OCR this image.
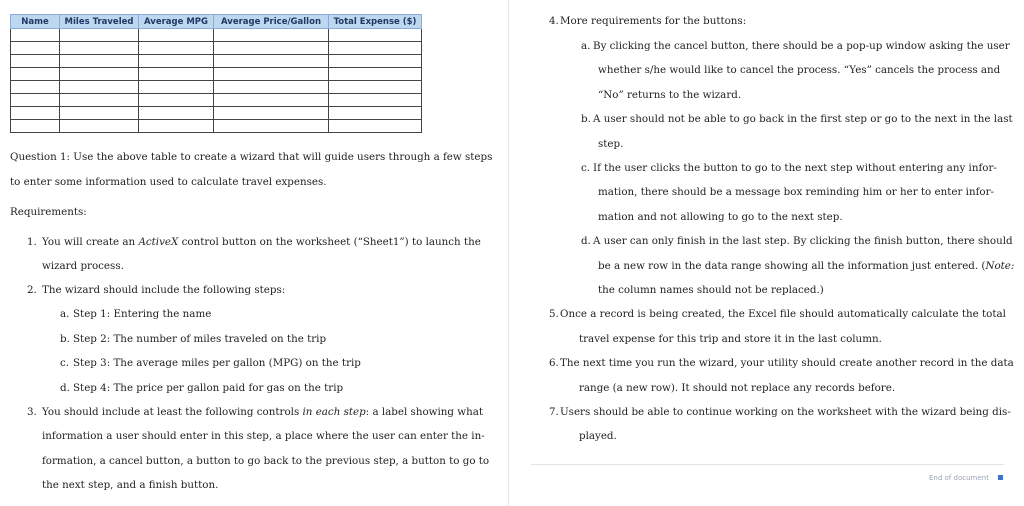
Name	Miles Traveled	Average MPG	Average Price/Gallon	Total Expense ($)

Question 1: Use the above table to create a wizard that will guide users through a few steps
to enter some information used to calculate travel expenses.
Requirements:
1. You will create an ActiveX control button on the worksheet (“Sheet1”) to launch the
wizard process.
2. The wizard should include the following steps:
a. Step 1: Entering the name
b. Step 2: The number of miles traveled on the trip
c. Step 3: The average miles per gallon (MPG) on the trip
d. Step 4: The price per gallon paid for gas on the trip
3. You should include at least the following controls in each step: a label showing what
information a user should enter in this step, a place where the user can enter the in-
formation, a cancel button, a button to go back to the previous step, a button to go to
the next step, and a finish button.
4. More requirements for the buttons:
a. By clicking the cancel button, there should be a pop-up window asking the user
whether s/he would like to cancel the process. “Yes” cancels the process and
“No” returns to the wizard.
b. A user should not be able to go back in the first step or go to the next in the last
step.
c. If the user clicks the button to go to the next step without entering any infor-
mation, there should be a message box reminding him or her to enter infor-
mation and not allowing to go to the next step.
d. A user can only finish in the last step. By clicking the finish button, there should
be a new row in the data range showing all the information just entered. (Note:
the column names should not be replaced.)
5. Once a record is being created, the Excel file should automatically calculate the total
travel expense for this trip and store it in the last column.
6. The next time you run the wizard, your utility should create another record in the data
range (a new row). It should not replace any records before.
7. Users should be able to continue working on the worksheet with the wizard being dis-
played.
End of document
